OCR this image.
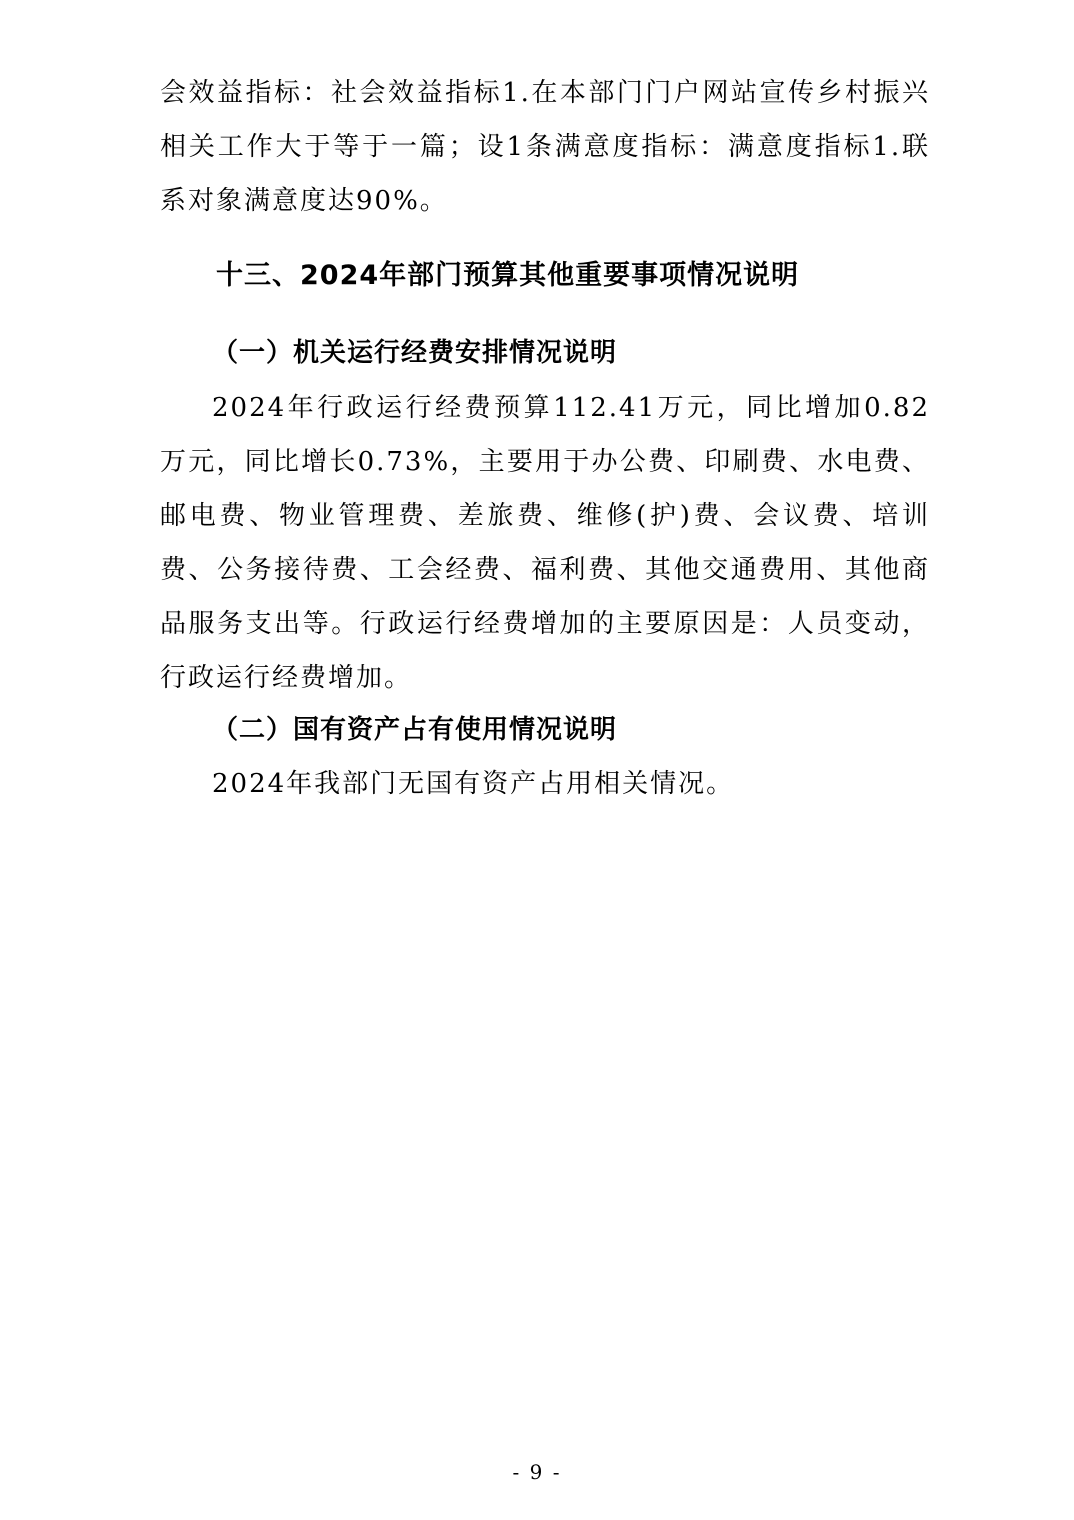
会效益指标：社会效益指标1.在本部门门户网站宣传乡村振兴相关工作大于等于一篇；设1条满意度指标：满意度指标1.联系对象满意度达90%。

十三、2024年部门预算其他重要事项情况说明
（一）机关运行经费安排情况说明

2024年行政运行经费预算112.41万元，同比增加0.82万元，同比增长0.73%，主要用于办公费、印刷费、水电费、邮电费、物业管理费、差旅费、维修(护)费、会议费、培训费、公务接待费、工会经费、福利费、其他交通费用、其他商品服务支出等。行政运行经费增加的主要原因是：人员变动，行政运行经费增加。

（二）国有资产占有使用情况说明

2024年我部门无国有资产占用相关情况。

- 9 -
